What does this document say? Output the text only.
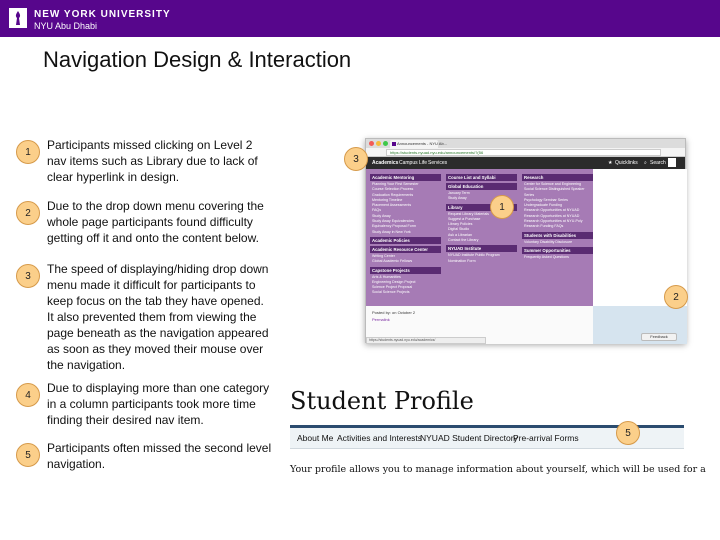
NEW YORK UNIVERSITY
NYU Abu Dhabi
Navigation Design & Interaction
1	Participants missed clicking on Level 2 nav items such as Library due to lack of clear hyperlink in design.
2	Due to the drop down menu covering the whole page participants found difficulty getting off it and onto the content below.
3	The speed of displaying/hiding drop down menu made it difficult for participants to keep focus on the tab they have opened. It also prevented them from viewing the page beneath as the navigation appeared as soon as they moved their mouse over the navigation.
4	Due to displaying more than one category in a column participants took more time finding their desired nav item.
5	Participants often missed the second level navigation.
Announcements - NYU Ab...
https://students.nyuad.nyu.edu/announcements/?(56
Academics Campus Life Services	★ Quicklinks ⌕ Search
Academic Mentoring
Planning Your First Semester
Course Selection Process
Graduation Requirements
Mentoring Timeline
Placement Assessments
FAQs
Study Away
Study Away Equivalencies
Equivalency Proposal Form
Study Away in New York
Academic Policies
Academic Resource Center
Writing Center
Global Academic Fellows
Capstone Projects
Arts & Humanities
Engineering Design Project
Science Project Proposal
Social Science Projects
Course List and Syllabi
Global Education
January Term
Study Away
Library
Request Library Materials
Suggest a Purchase
Library Policies
Digital Studio
Ask a Librarian
Contact the Library
NYUAD Institute
NYUAD Institute Public Program
Nomination Form
Research
Center for Science and Engineering
Social Science Distinguished Speaker
Series
Psychology Seminar Series
Undergraduate Funding
Research Opportunities at NYUAD
Research Opportunities at NYUAD
Research Opportunities at NYU-Poly
Research Funding FAQs
Students with Disabilities
Voluntary Disability Disclosure
Summer Opportunities
Frequently Asked Questions
Posted by: on October 2
Permalink
https://students.nyuad.nyu.edu/academics/
Feedback
3
1
2
Student Profile
About Me Activities and Interests
NYUAD Student Directory
Pre-arrival Forms	5
Your profile allows you to manage information about yourself, which will be used for a
